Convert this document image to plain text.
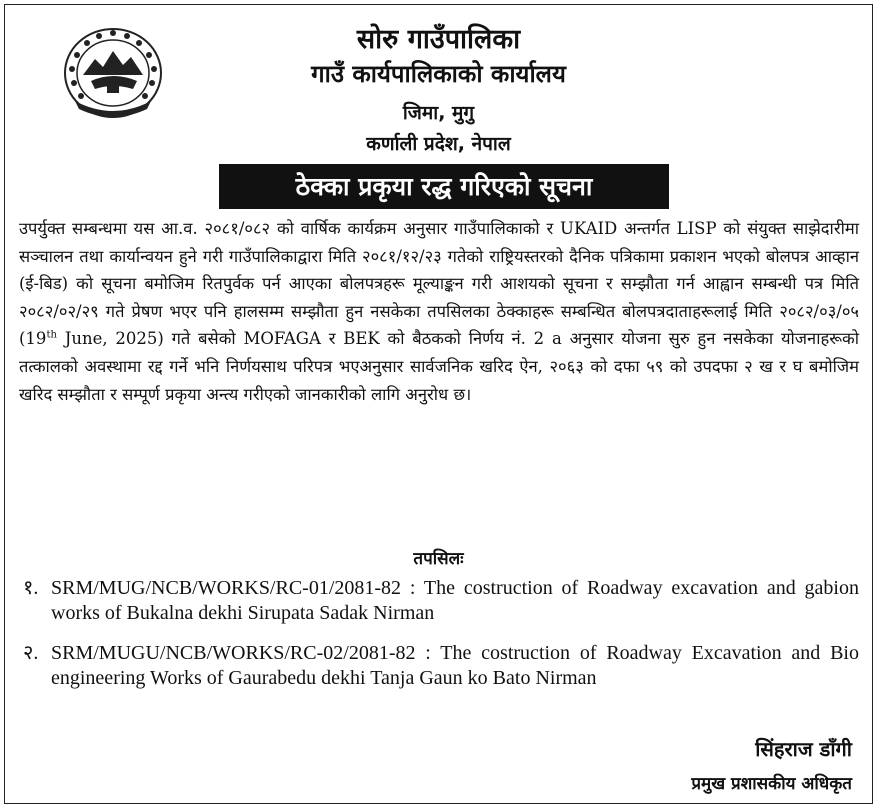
सोरु गाउँपालिका
गाउँ कार्यपालिकाको कार्यालय
जिमा, मुगु
कर्णाली प्रदेश, नेपाल
ठेक्का प्रकृया रद्ध गरिएको सूचना
उपर्युक्त सम्बन्धमा यस आ.व. २०८१/०८२ को वार्षिक कार्यक्रम अनुसार गाउँपालिकाको र UKAID अन्तर्गत LISP को संयुक्त साझेदारीमा सञ्चालन तथा कार्यान्वयन हुने गरी गाउँपालिकाद्वारा मिति २०८१/१२/२३ गतेको राष्ट्रियस्तरको दैनिक पत्रिकामा प्रकाशन भएको बोलपत्र आव्हान (ई-बिड) को सूचना बमोजिम रितपुर्वक पर्न आएका बोलपत्रहरू मूल्याङ्कन गरी आशयको सूचना र सम्झौता गर्न आह्वान सम्बन्धी पत्र मिति २०८२/०२/२९ गते प्रेषण भएर पनि हालसम्म सम्झौता हुन नसकेका तपसिलका ठेक्काहरू सम्बन्धित बोलपत्रदाताहरूलाई मिति २०८२/०३/०५ (19th June, 2025) गते बसेको MOFAGA र BEK को बैठकको निर्णय नं. 2 a अनुसार योजना सुरु हुन नसकेका योजनाहरूको तत्कालको अवस्थामा रद्द गर्ने भनि निर्णयसाथ परिपत्र भएअनुसार सार्वजनिक खरिद ऐन, २०६३ को दफा ५९ को उपदफा २ ख र घ बमोजिम खरिद सम्झौता र सम्पूर्ण प्रकृया अन्त्य गरीएको जानकारीको लागि अनुरोध छ।
तपसिलः
१. SRM/MUG/NCB/WORKS/RC-01/2081-82 : The costruction of Roadway excavation and gabion works of Bukalna dekhi Sirupata Sadak Nirman
२. SRM/MUGU/NCB/WORKS/RC-02/2081-82 : The costruction of Roadway Excavation and Bio engineering Works of Gaurabedu dekhi Tanja Gaun ko Bato Nirman
सिंहराज डाँगी
प्रमुख प्रशासकीय अधिकृत
